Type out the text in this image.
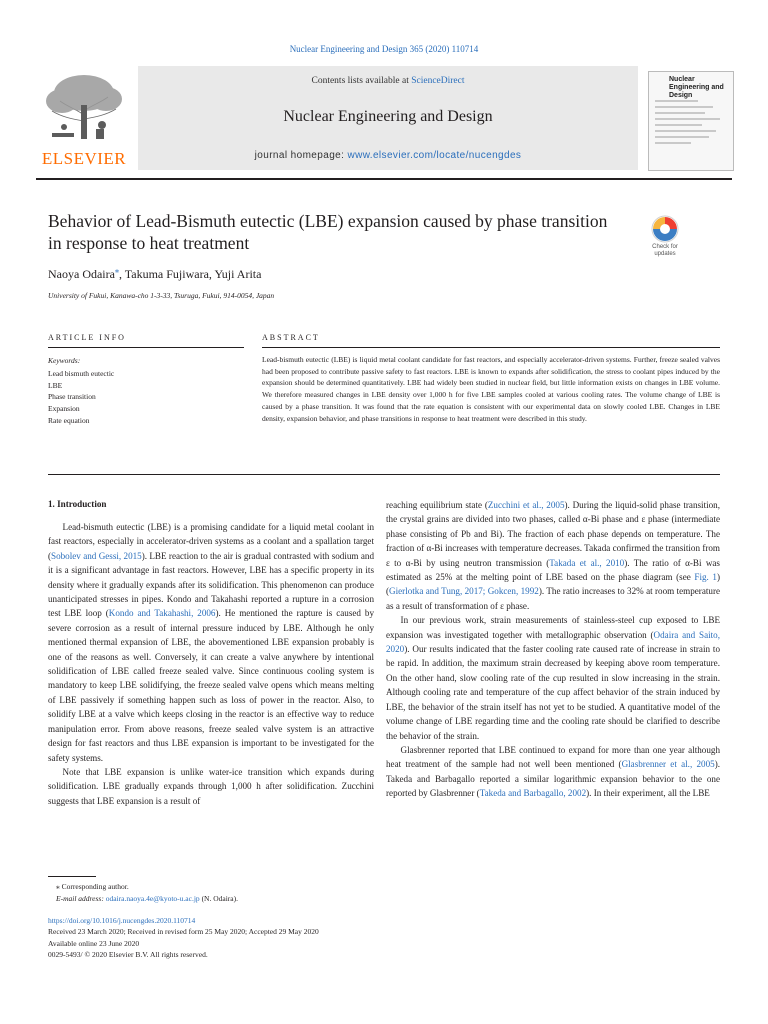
Nuclear Engineering and Design 365 (2020) 110714
ELSEVIER
Contents lists available at ScienceDirect
Nuclear Engineering and Design
journal homepage: www.elsevier.com/locate/nucengdes
Nuclear Engineering and Design
Behavior of Lead-Bismuth eutectic (LBE) expansion caused by phase transition in response to heat treatment	Check for updates
Naoya Odaira⁎, Takuma Fujiwara, Yuji Arita
University of Fukui, Kanawa-cho 1-3-33, Tsuruga, Fukui, 914-0054, Japan
ARTICLE INFO
Keywords:
Lead bismuth eutectic
LBE
Phase transition
Expansion
Rate equation
ABSTRACT
Lead-bismuth eutectic (LBE) is liquid metal coolant candidate for fast reactors, and especially accelerator-driven systems. Further, freeze sealed valves had been proposed to contribute passive safety to fast reactors. LBE is known to expands after solidification, the stress to coolant pipes induced by the expansion should be determined quantitatively. LBE had widely been studied in nuclear field, but little information exists on changes in LBE volume. We therefore measured changes in LBE density over 1,000 h for five LBE samples cooled at various cooling rates. The volume change of LBE is caused by a phase transition. It was found that the rate equation is consistent with our experimental data on slowly cooled LBE. Changes in LBE density, expansion behavior, and phase transitions in response to heat treatment were described in this study.
1. Introduction

Lead-bismuth eutectic (LBE) is a promising candidate for a liquid metal coolant in fast reactors, especially in accelerator-driven systems as a coolant and a spallation target (Sobolev and Gessi, 2015). LBE reaction to the air is gradual contrasted with sodium and it is a significant advantage in fast reactors. However, LBE has a specific property in its density where it gradually expands after its solidification. This phenomenon can produce unanticipated stresses in pipes. Kondo and Takahashi reported a rupture in a corrosion test LBE loop (Kondo and Takahashi, 2006). He mentioned the rapture is caused by severe corrosion as a result of internal pressure induced by LBE. Although he only mentioned thermal expansion of LBE, the abovementioned LBE expansion probably is one of the reasons as well. Conversely, it can create a valve anywhere by intentional solidification of LBE called freeze sealed valve. Since continuous cooling system is mandatory to keep LBE solidifying, the freeze sealed valve opens which means melting of LBE passively if something happen such as loss of power in the reactor. Also, to solidify LBE at a valve which keeps closing in the reactor is an effective way to reduce manipulation error. From above reasons, freeze sealed valve system is an attractive design for fast reactors and thus LBE expansion is important to be investigated for the safety systems.

Note that LBE expansion is unlike water-ice transition which expands during solidification. LBE gradually expands through 1,000 h after solidification. Zucchini suggests that LBE expansion is a result of

reaching equilibrium state (Zucchini et al., 2005). During the liquid-solid phase transition, the crystal grains are divided into two phases, called α-Bi phase and ε phase (intermediate phase consisting of Pb and Bi). The fraction of each phase depends on temperature. The fraction of α-Bi increases with temperature decreases. Takada confirmed the transition from ε to α-Bi by using neutron transmission (Takada et al., 2010). The ratio of α-Bi was estimated as 25% at the melting point of LBE based on the phase diagram (see Fig. 1) (Gierlotka and Tung, 2017; Gokcen, 1992). The ratio increases to 32% at room temperature as a result of transformation of ε phase.

In our previous work, strain measurements of stainless-steel cup exposed to LBE expansion was investigated together with metallographic observation (Odaira and Saito, 2020). Our results indicated that the faster cooling rate caused rate of increase in strain to be rapid. In addition, the maximum strain decreased by keeping above room temperature. On the other hand, slow cooling rate of the cup resulted in slow increasing in the strain. Although cooling rate and temperature of the cup affect behavior of the strain induced by LBE, the behavior of the strain itself has not yet to be studied. A quantitative model of the volume change of LBE regarding time and the cooling rate should be clarified to describe the behavior of the strain.

Glasbrenner reported that LBE continued to expand for more than one year although heat treatment of the sample had not well been mentioned (Glasbrenner et al., 2005). Takeda and Barbagallo reported a similar logarithmic expansion behavior to the one reported by Glasbrenner (Takeda and Barbagallo, 2002). In their experiment, all the LBE

⁎ Corresponding author.
E-mail address: odaira.naoya.4e@kyoto-u.ac.jp (N. Odaira).
https://doi.org/10.1016/j.nucengdes.2020.110714
Received 23 March 2020; Received in revised form 25 May 2020; Accepted 29 May 2020
Available online 23 June 2020
0029-5493/ © 2020 Elsevier B.V. All rights reserved.
